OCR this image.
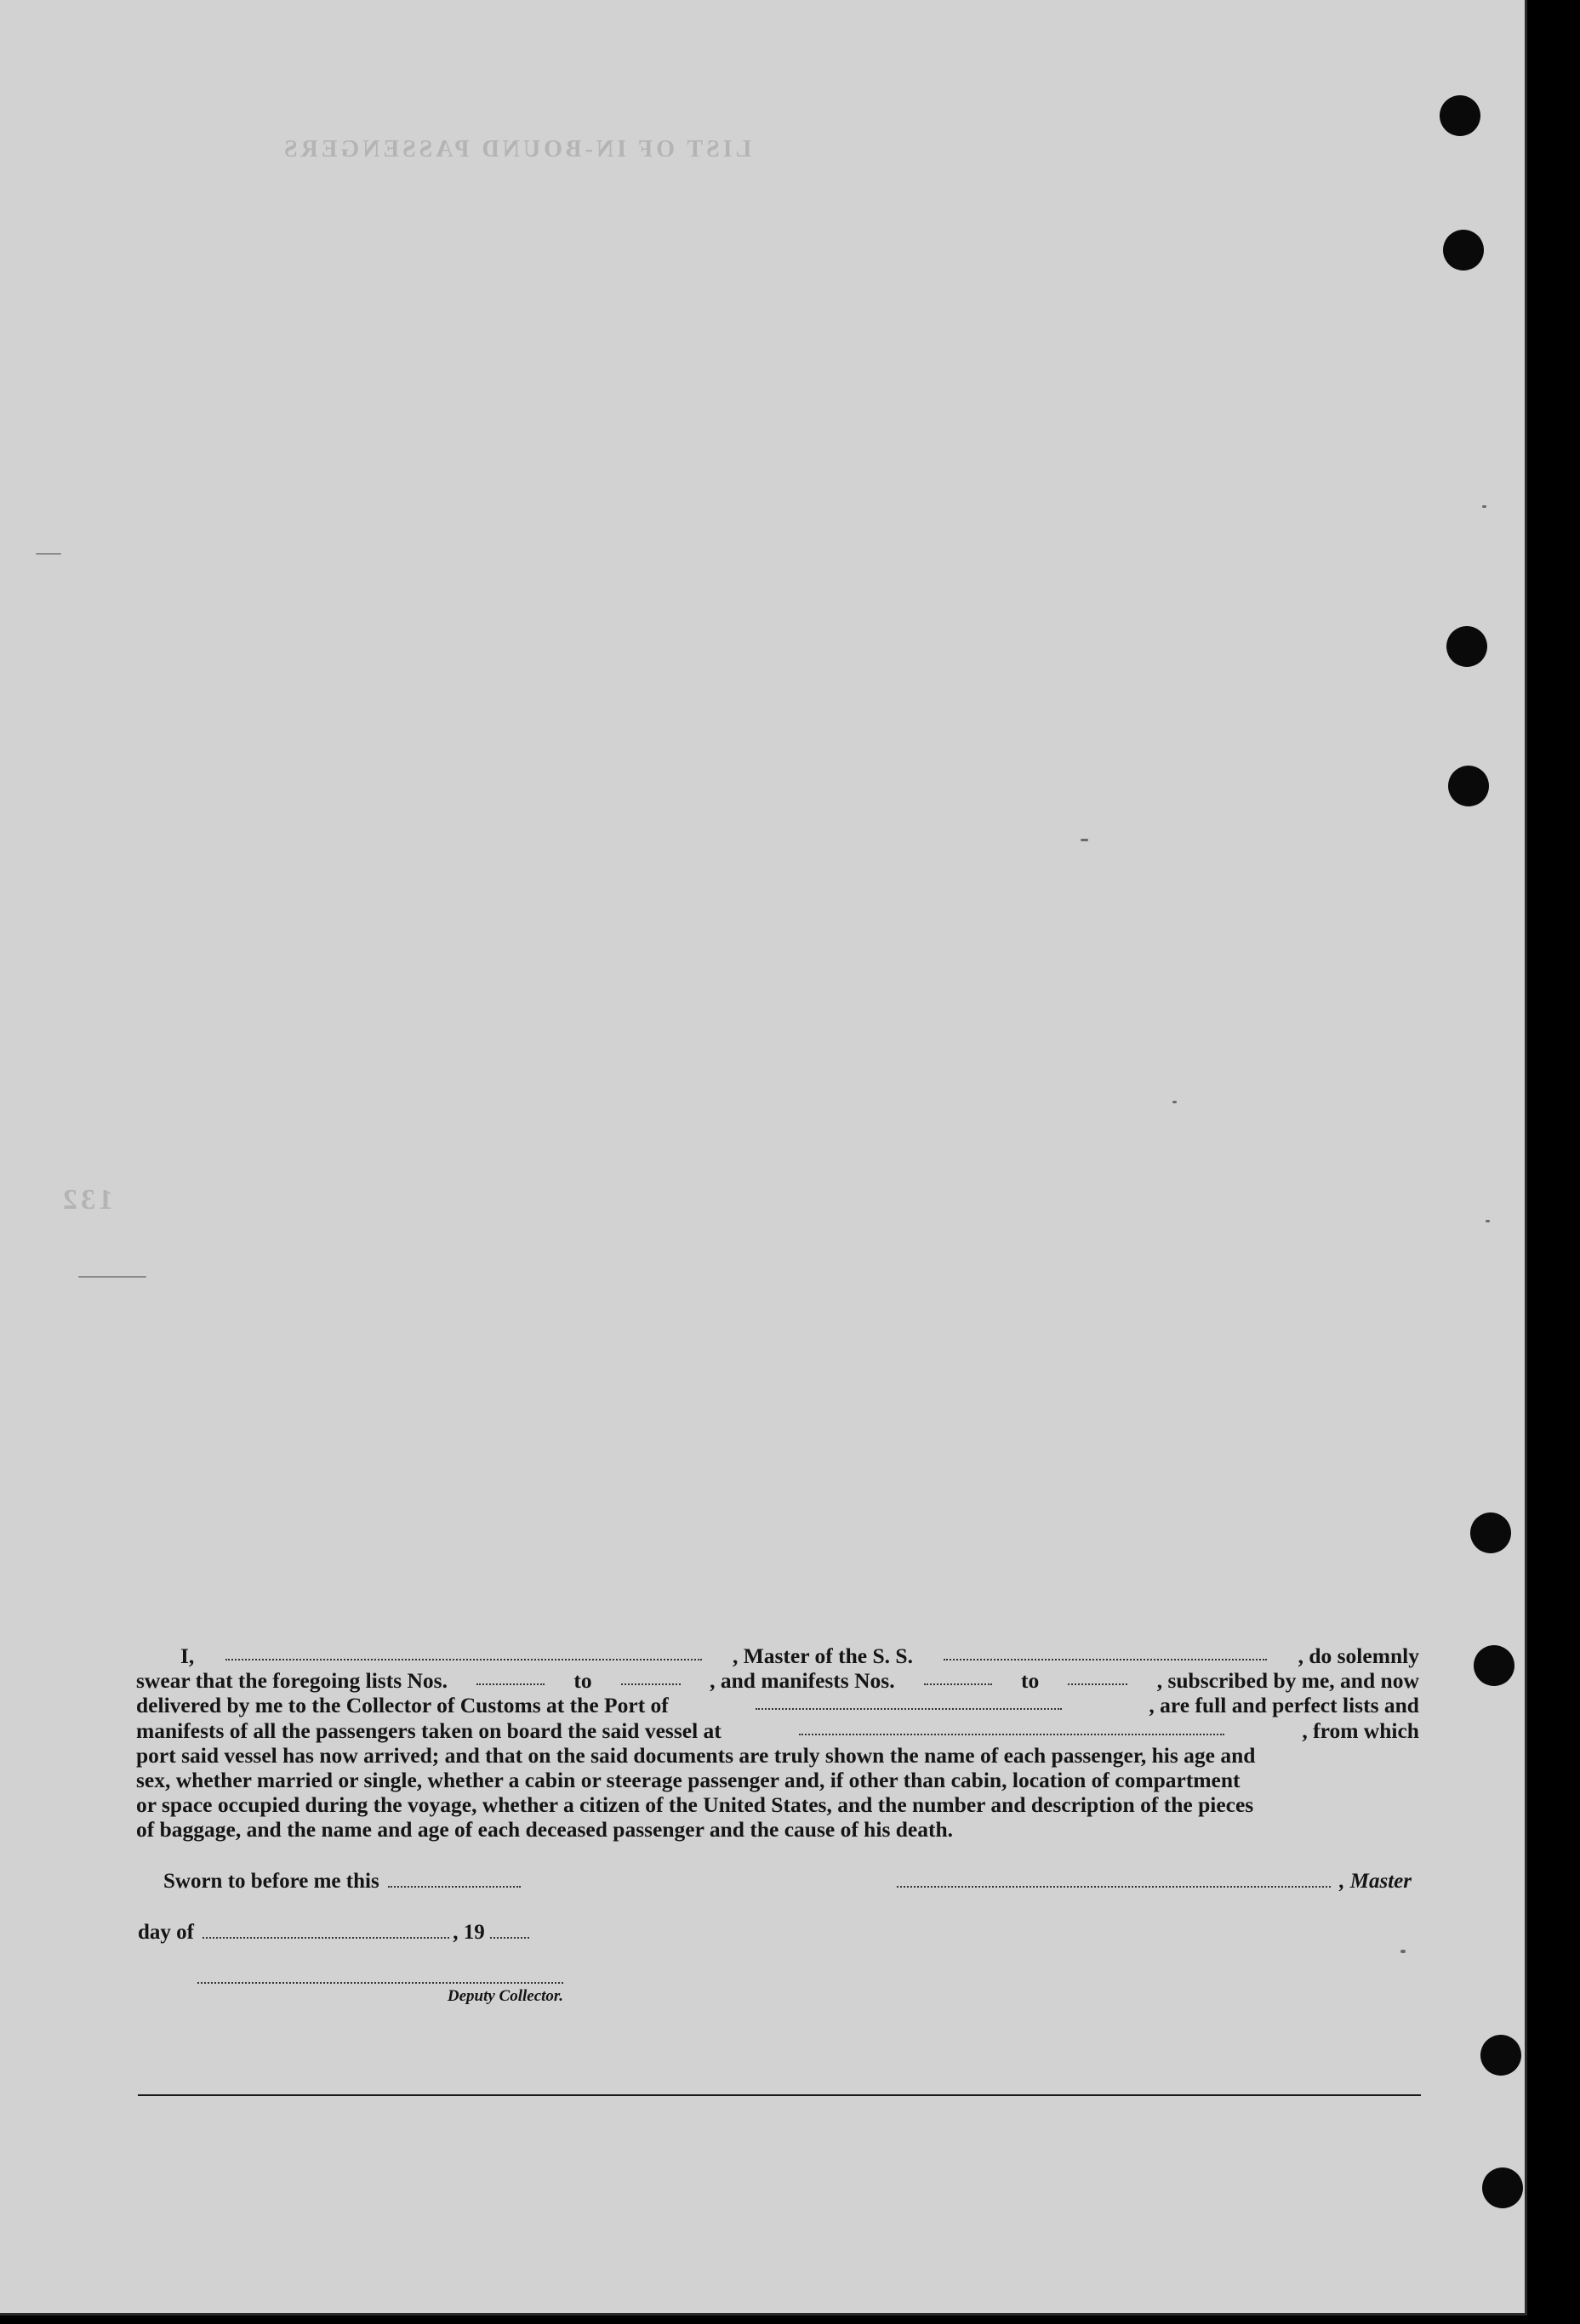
LIST OF IN-BOUND PASSENGERS
132
I,	, Master of the S. S.	, do solemnly
swear that the foregoing lists Nos.	to	, and manifests Nos.	to	, subscribed by me, and now
delivered by me to the Collector of Customs at the Port of	, are full and perfect lists and
manifests of all the passengers taken on board the said vessel at	, from which
port said vessel has now arrived; and that on the said documents are truly shown the name of each passenger, his age and
sex, whether married or single, whether a cabin or steerage passenger and, if other than cabin, location of compartment
or space occupied during the voyage, whether a citizen of the United States, and the number and description of the pieces
of baggage, and the name and age of each deceased passenger and the cause of his death.
Sworn to before me this	, Master
day of	, 19
Deputy Collector.
